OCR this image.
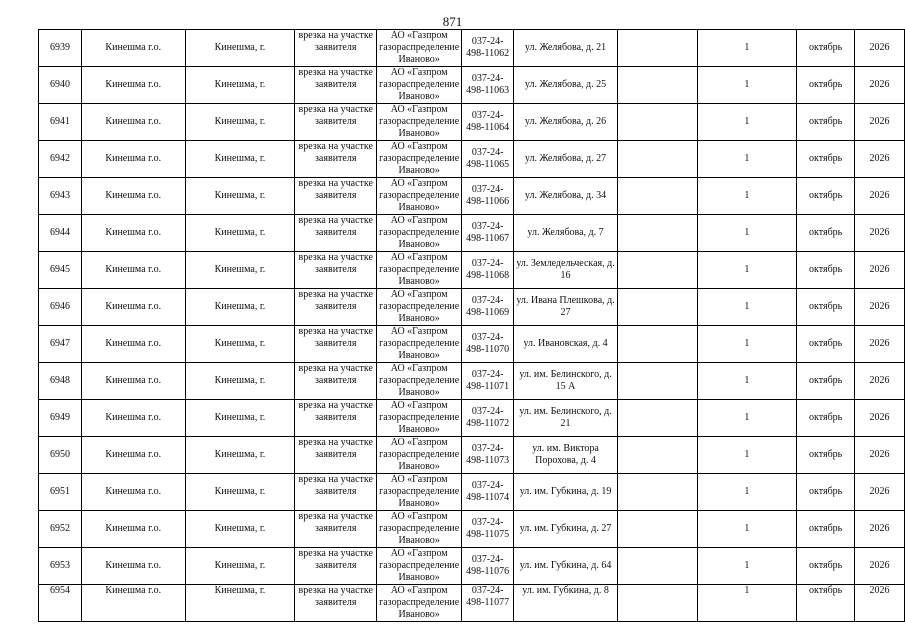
871
6939	Кинешма г.о.	Кинешма, г.	врезка на участке заявителя	АО «Газпром газораспределение Иваново»	037-24-498-11062	ул. Желябова, д. 21		1	октябрь	2026
6940	Кинешма г.о.	Кинешма, г.	врезка на участке заявителя	АО «Газпром газораспределение Иваново»	037-24-498-11063	ул. Желябова, д. 25		1	октябрь	2026
6941	Кинешма г.о.	Кинешма, г.	врезка на участке заявителя	АО «Газпром газораспределение Иваново»	037-24-498-11064	ул. Желябова, д. 26		1	октябрь	2026
6942	Кинешма г.о.	Кинешма, г.	врезка на участке заявителя	АО «Газпром газораспределение Иваново»	037-24-498-11065	ул. Желябова, д. 27		1	октябрь	2026
6943	Кинешма г.о.	Кинешма, г.	врезка на участке заявителя	АО «Газпром газораспределение Иваново»	037-24-498-11066	ул. Желябова, д. 34		1	октябрь	2026
6944	Кинешма г.о.	Кинешма, г.	врезка на участке заявителя	АО «Газпром газораспределение Иваново»	037-24-498-11067	ул. Желябова, д. 7		1	октябрь	2026
6945	Кинешма г.о.	Кинешма, г.	врезка на участке заявителя	АО «Газпром газораспределение Иваново»	037-24-498-11068	ул. Земледельческая, д. 16		1	октябрь	2026
6946	Кинешма г.о.	Кинешма, г.	врезка на участке заявителя	АО «Газпром газораспределение Иваново»	037-24-498-11069	ул. Ивана Плешкова, д. 27		1	октябрь	2026
6947	Кинешма г.о.	Кинешма, г.	врезка на участке заявителя	АО «Газпром газораспределение Иваново»	037-24-498-11070	ул. Ивановская, д. 4		1	октябрь	2026
6948	Кинешма г.о.	Кинешма, г.	врезка на участке заявителя	АО «Газпром газораспределение Иваново»	037-24-498-11071	ул. им. Белинского, д. 15 А		1	октябрь	2026
6949	Кинешма г.о.	Кинешма, г.	врезка на участке заявителя	АО «Газпром газораспределение Иваново»	037-24-498-11072	ул. им. Белинского, д. 21		1	октябрь	2026
6950	Кинешма г.о.	Кинешма, г.	врезка на участке заявителя	АО «Газпром газораспределение Иваново»	037-24-498-11073	ул. им. Виктора Порохова, д. 4		1	октябрь	2026
6951	Кинешма г.о.	Кинешма, г.	врезка на участке заявителя	АО «Газпром газораспределение Иваново»	037-24-498-11074	ул. им. Губкина, д. 19		1	октябрь	2026
6952	Кинешма г.о.	Кинешма, г.	врезка на участке заявителя	АО «Газпром газораспределение Иваново»	037-24-498-11075	ул. им. Губкина, д. 27		1	октябрь	2026
6953	Кинешма г.о.	Кинешма, г.	врезка на участке заявителя	АО «Газпром газораспределение Иваново»	037-24-498-11076	ул. им. Губкина, д. 64		1	октябрь	2026
6954	Кинешма г.о.	Кинешма, г.	врезка на участке заявителя	АО «Газпром газораспределение Иваново»	037-24-498-11077	ул. им. Губкина, д. 8		1	октябрь	2026
